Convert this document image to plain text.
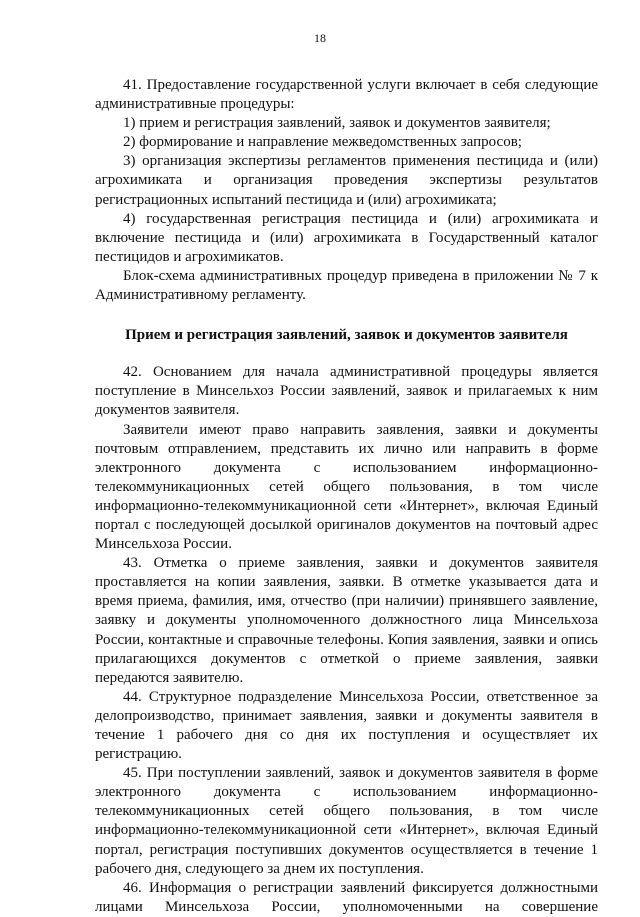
18

41. Предоставление государственной услуги включает в себя следующие административные процедуры:

1) прием и регистрация заявлений, заявок и документов заявителя;

2) формирование и направление межведомственных запросов;

3) организация экспертизы регламентов применения пестицида и (или) агрохимиката и организация проведения экспертизы результатов регистрационных испытаний пестицида и (или) агрохимиката;

4) государственная регистрация пестицида и (или) агрохимиката и включение пестицида и (или) агрохимиката в Государственный каталог пестицидов и агрохимикатов.

Блок-схема административных процедур приведена в приложении № 7 к Административному регламенту.

Прием и регистрация заявлений, заявок и документов заявителя

42. Основанием для начала административной процедуры является поступление в Минсельхоз России заявлений, заявок и прилагаемых к ним документов заявителя.

Заявители имеют право направить заявления, заявки и документы почтовым отправлением, представить их лично или направить в форме электронного документа с использованием информационно-телекоммуникационных сетей общего пользования, в том числе информационно-телекоммуникационной сети «Интернет», включая Единый портал с последующей досылкой оригиналов документов на почтовый адрес Минсельхоза России.

43. Отметка о приеме заявления, заявки и документов заявителя проставляется на копии заявления, заявки. В отметке указывается дата и время приема, фамилия, имя, отчество (при наличии) принявшего заявление, заявку и документы уполномоченного должностного лица Минсельхоза России, контактные и справочные телефоны. Копия заявления, заявки и опись прилагающихся документов с отметкой о приеме заявления, заявки передаются заявителю.

44. Структурное подразделение Минсельхоза России, ответственное за делопроизводство, принимает заявления, заявки и документы заявителя в течение 1 рабочего дня со дня их поступления и осуществляет их регистрацию.

45. При поступлении заявлений, заявок и документов заявителя в форме электронного документа с использованием информационно-телекоммуникационных сетей общего пользования, в том числе информационно-телекоммуникационной сети «Интернет», включая Единый портал, регистрация поступивших документов осуществляется в течение 1 рабочего дня, следующего за днем их поступления.

46. Информация о регистрации заявлений фиксируется должностными лицами Минсельхоза России, уполномоченными на совершение
